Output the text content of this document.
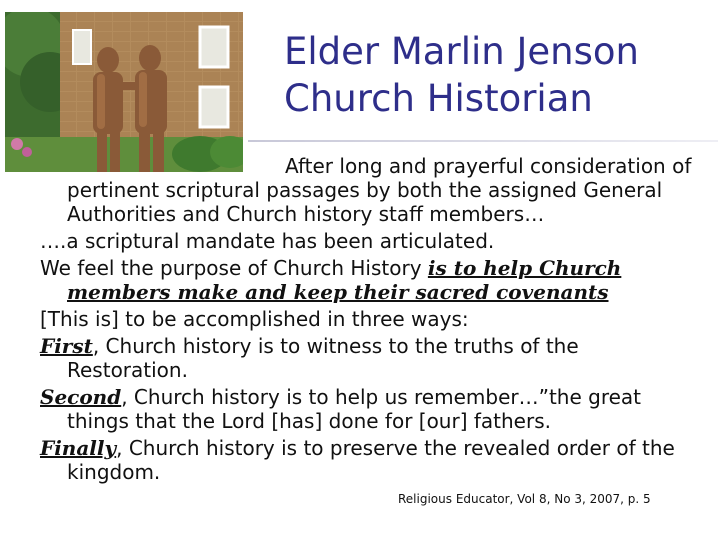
Elder Marlin Jenson
Church Historian
After long and prayerful consideration of pertinent scriptural passages by both the assigned General Authorities and Church history staff members…
….a scriptural mandate has been articulated.
We feel the purpose of Church History is to help Church members make and keep their sacred covenants
[This is] to be accomplished in three ways:
First, Church history is to witness to the truths of the Restoration.
Second, Church history is to help us remember…”the great things that the Lord [has] done for [our] fathers.
Finally, Church history is to preserve the revealed order of the kingdom.
Religious Educator, Vol 8, No 3, 2007, p. 5
